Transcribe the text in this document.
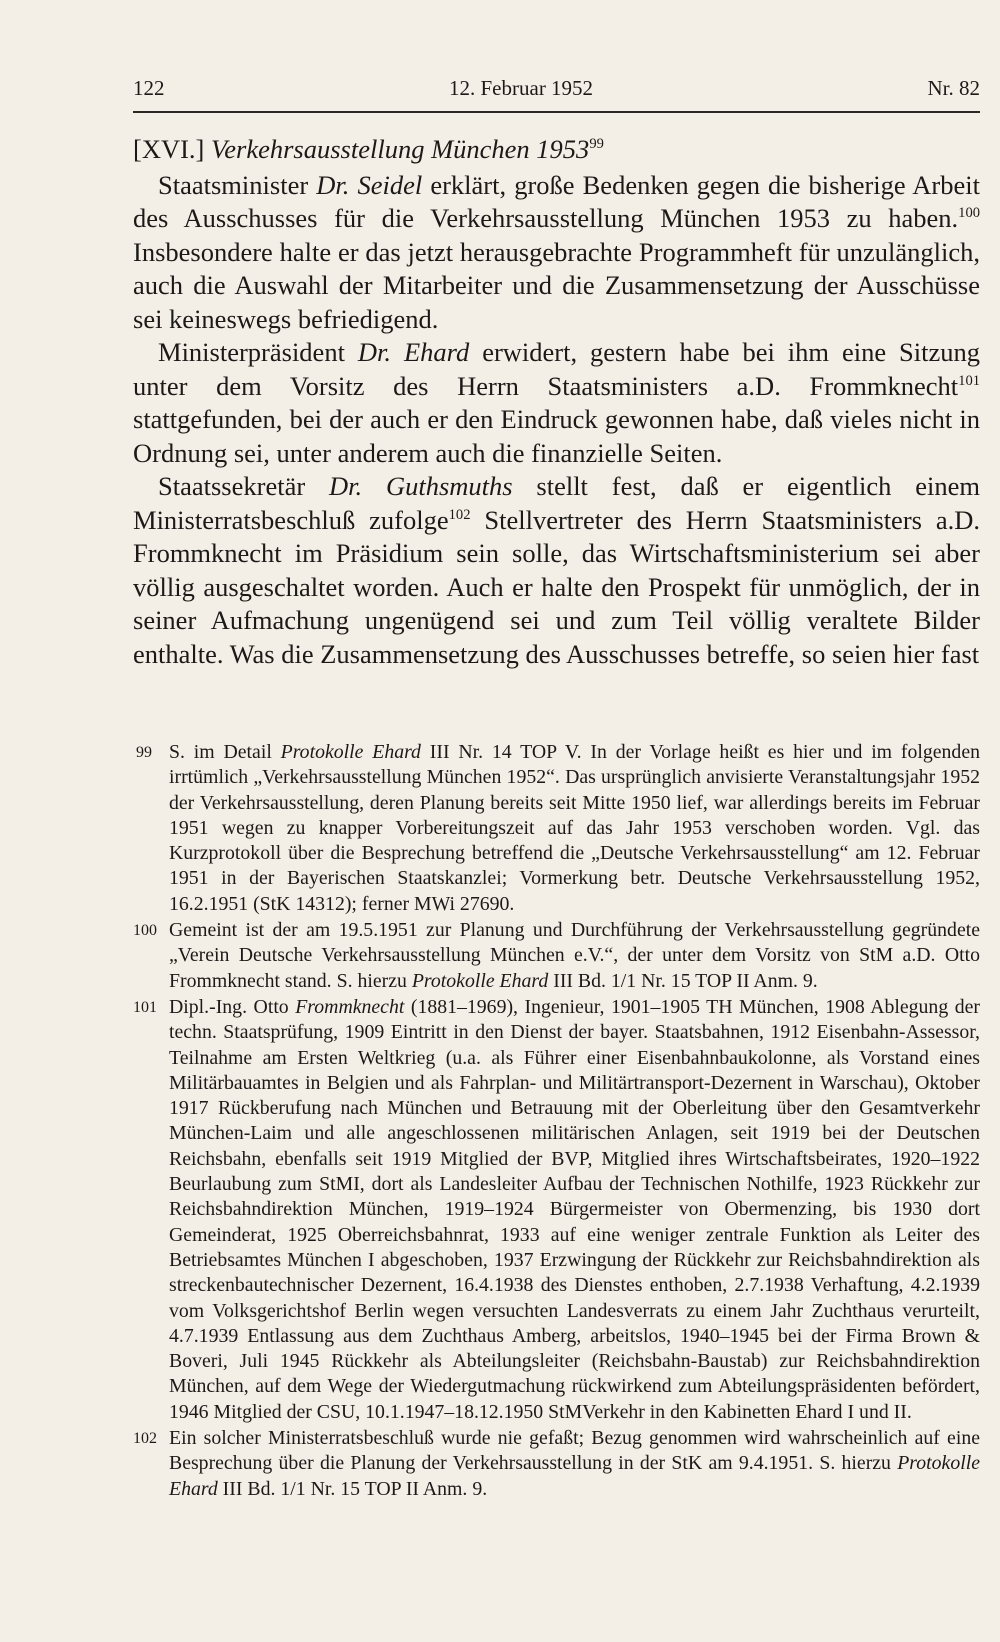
122	12. Februar 1952	Nr. 82

[XVI.] Verkehrsausstellung München 1953$^{99}$

Staatsminister Dr. Seidel erklärt, große Bedenken gegen die bisherige Arbeit des Ausschusses für die Verkehrsausstellung München 1953 zu haben.$^{100}$ Insbesondere halte er das jetzt herausgebrachte Programmheft für unzulänglich, auch die Auswahl der Mitarbeiter und die Zusammensetzung der Ausschüsse sei keineswegs befriedigend.

Ministerpräsident Dr. Ehard erwidert, gestern habe bei ihm eine Sitzung unter dem Vorsitz des Herrn Staatsministers a.D. Frommknecht$^{101}$ stattgefunden, bei der auch er den Eindruck gewonnen habe, daß vieles nicht in Ordnung sei, unter anderem auch die finanzielle Seiten.

Staatssekretär Dr. Guthsmuths stellt fest, daß er eigentlich einem Ministerratsbeschluß zufolge$^{102}$ Stellvertreter des Herrn Staatsministers a.D. Frommknecht im Präsidium sein solle, das Wirtschaftsministerium sei aber völlig ausgeschaltet worden. Auch er halte den Prospekt für unmöglich, der in seiner Aufmachung ungenügend sei und zum Teil völlig veraltete Bilder enthalte. Was die Zusammensetzung des Ausschusses betreffe, so seien hier fast

99 S. im Detail Protokolle Ehard III Nr. 14 TOP V. In der Vorlage heißt es hier und im folgenden irrtümlich „Verkehrsausstellung München 1952“. Das ursprünglich anvisierte Veranstaltungsjahr 1952 der Verkehrsausstellung, deren Planung bereits seit Mitte 1950 lief, war allerdings bereits im Februar 1951 wegen zu knapper Vorbereitungszeit auf das Jahr 1953 verschoben worden. Vgl. das Kurzprotokoll über die Besprechung betreffend die „Deutsche Verkehrsausstellung“ am 12. Februar 1951 in der Bayerischen Staatskanzlei; Vormerkung betr. Deutsche Verkehrsausstellung 1952, 16.2.1951 (StK 14312); ferner MWi 27690.
100 Gemeint ist der am 19.5.1951 zur Planung und Durchführung der Verkehrsausstellung gegründete „Verein Deutsche Verkehrsausstellung München e.V.“, der unter dem Vorsitz von StM a.D. Otto Frommknecht stand. S. hierzu Protokolle Ehard III Bd. 1/1 Nr. 15 TOP II Anm. 9.
101 Dipl.-Ing. Otto Frommknecht (1881–1969), Ingenieur, 1901–1905 TH München, 1908 Ablegung der techn. Staatsprüfung, 1909 Eintritt in den Dienst der bayer. Staatsbahnen, 1912 Eisenbahn-Assessor, Teilnahme am Ersten Weltkrieg (u.a. als Führer einer Eisenbahnbaukolonne, als Vorstand eines Militärbauamtes in Belgien und als Fahrplan- und Militärtransport-Dezernent in Warschau), Oktober 1917 Rückberufung nach München und Betrauung mit der Oberleitung über den Gesamtverkehr München-Laim und alle angeschlossenen militärischen Anlagen, seit 1919 bei der Deutschen Reichsbahn, ebenfalls seit 1919 Mitglied der BVP, Mitglied ihres Wirtschaftsbeirates, 1920–1922 Beurlaubung zum StMI, dort als Landesleiter Aufbau der Technischen Nothilfe, 1923 Rückkehr zur Reichsbahndirektion München, 1919–1924 Bürgermeister von Obermenzing, bis 1930 dort Gemeinderat, 1925 Oberreichsbahnrat, 1933 auf eine weniger zentrale Funktion als Leiter des Betriebsamtes München I abgeschoben, 1937 Erzwingung der Rückkehr zur Reichsbahndirektion als streckenbautechnischer Dezernent, 16.4.1938 des Dienstes enthoben, 2.7.1938 Verhaftung, 4.2.1939 vom Volksgerichtshof Berlin wegen versuchten Landesverrats zu einem Jahr Zuchthaus verurteilt, 4.7.1939 Entlassung aus dem Zuchthaus Amberg, arbeitslos, 1940–1945 bei der Firma Brown & Boveri, Juli 1945 Rückkehr als Abteilungsleiter (Reichsbahn-Baustab) zur Reichsbahndirektion München, auf dem Wege der Wiedergutmachung rückwirkend zum Abteilungspräsidenten befördert, 1946 Mitglied der CSU, 10.1.1947–18.12.1950 StMVerkehr in den Kabinetten Ehard I und II.
102 Ein solcher Ministerratsbeschluß wurde nie gefaßt; Bezug genommen wird wahrscheinlich auf eine Besprechung über die Planung der Verkehrsausstellung in der StK am 9.4.1951. S. hierzu Protokolle Ehard III Bd. 1/1 Nr. 15 TOP II Anm. 9.
